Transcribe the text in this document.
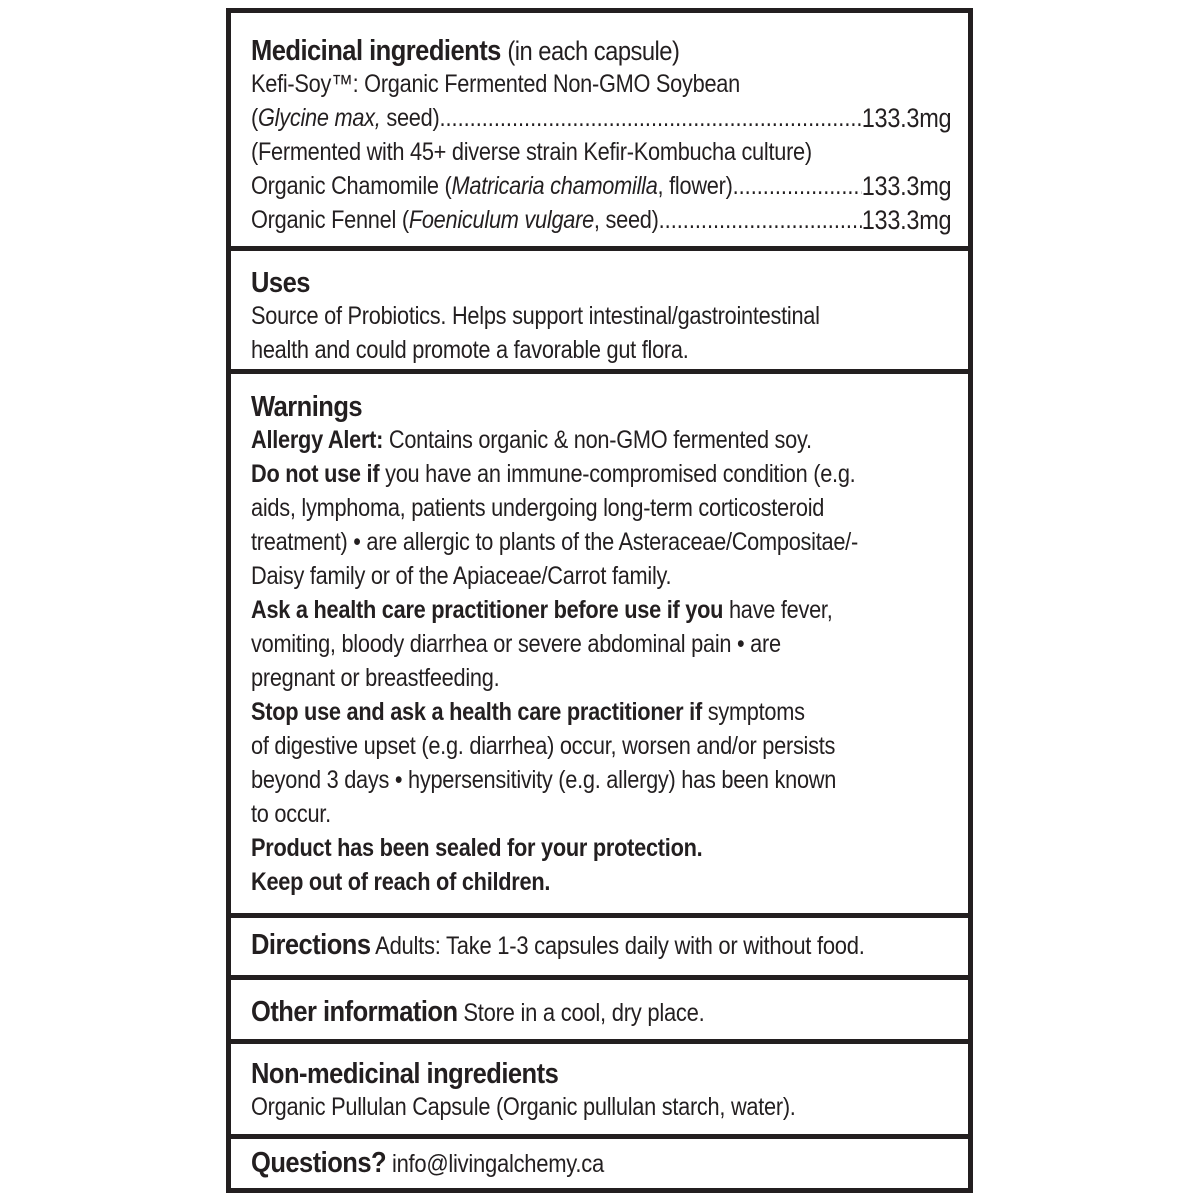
Medicinal ingredients (in each capsule)
Kefi-Soy™: Organic Fermented Non-GMO Soybean
(Glycine max, seed) .....	133.3mg
(Fermented with 45+ diverse strain Kefir-Kombucha culture)
Organic Chamomile (Matricaria chamomilla, flower) .....	133.3mg
Organic Fennel (Foeniculum vulgare, seed) .....	133.3mg
Uses
Source of Probiotics. Helps support intestinal/gastrointestinal
health and could promote a favorable gut flora.
Warnings
Allergy Alert: Contains organic & non-GMO fermented soy.
Do not use if you have an immune-compromised condition (e.g.
aids, lymphoma, patients undergoing long-term corticosteroid
treatment) • are allergic to plants of the Asteraceae/Compositae/-
Daisy family or of the Apiaceae/Carrot family.
Ask a health care practitioner before use if you have fever,
vomiting, bloody diarrhea or severe abdominal pain • are
pregnant or breastfeeding.
Stop use and ask a health care practitioner if symptoms
of digestive upset (e.g. diarrhea) occur, worsen and/or persists
beyond 3 days • hypersensitivity (e.g. allergy) has been known
to occur.
Product has been sealed for your protection.
Keep out of reach of children.
Directions Adults: Take 1-3 capsules daily with or without food.
Other information Store in a cool, dry place.
Non-medicinal ingredients
Organic Pullulan Capsule (Organic pullulan starch, water).
Questions? info@livingalchemy.ca
